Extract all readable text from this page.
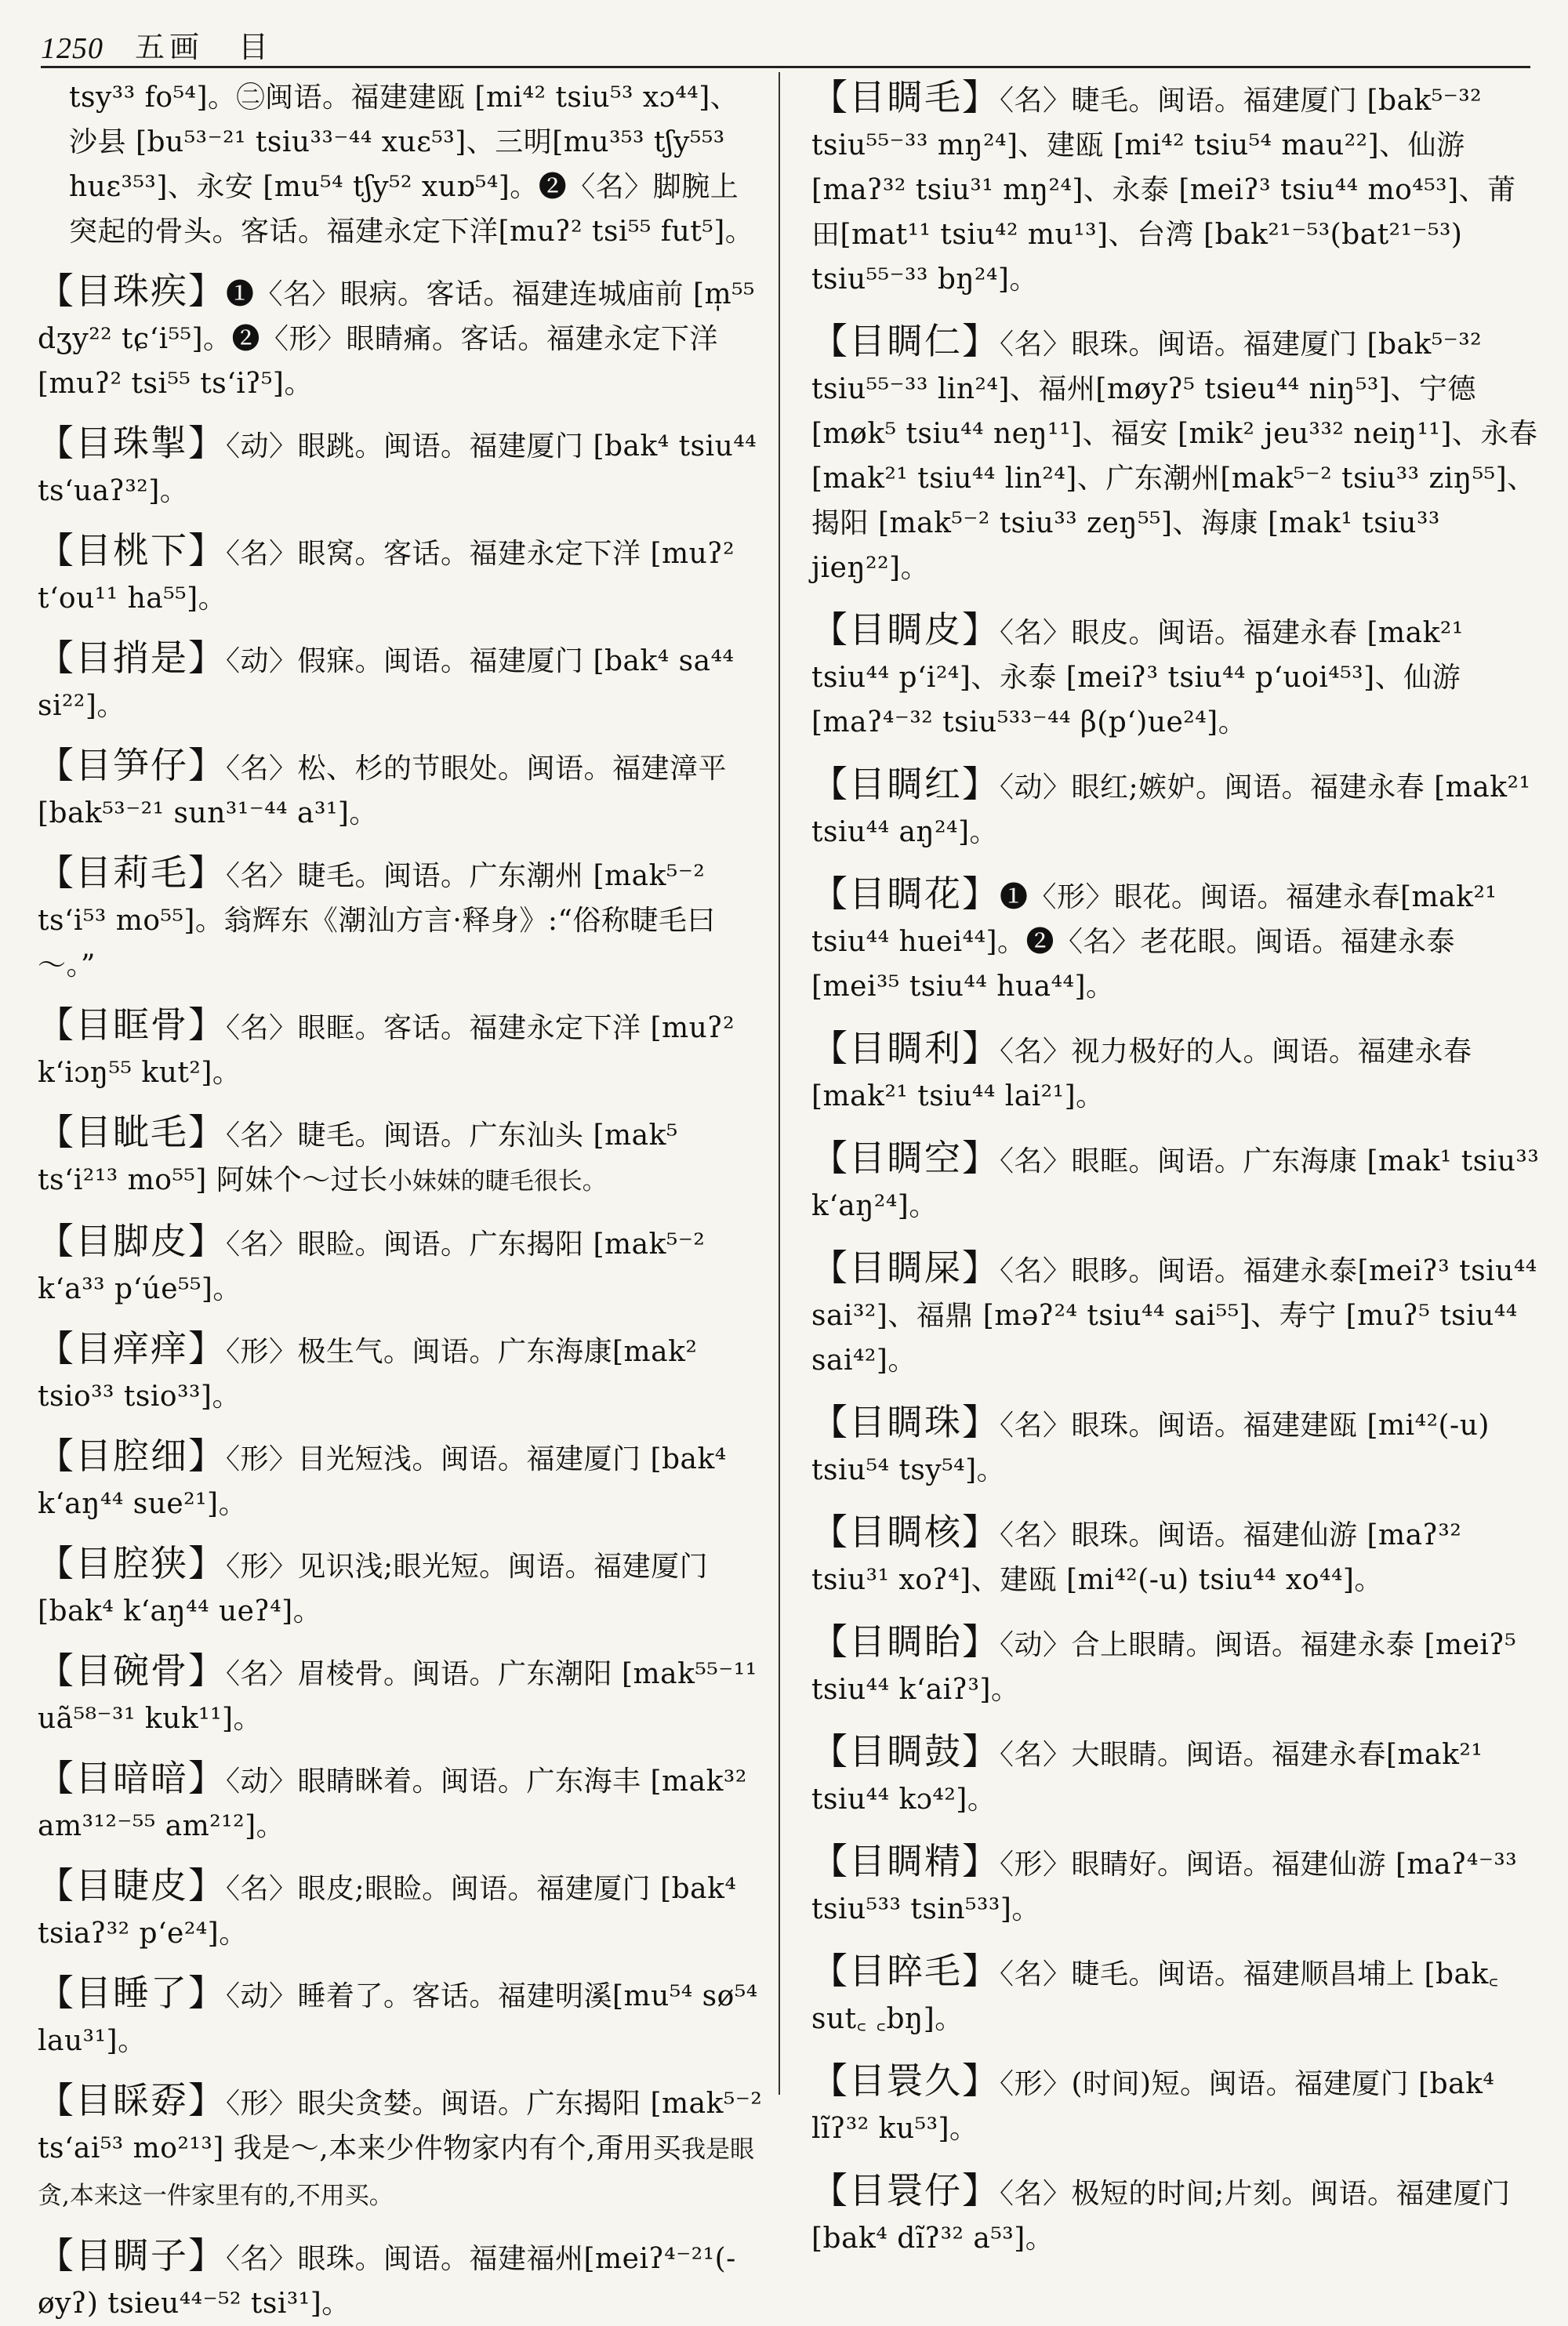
1250 五画　目
tsy³³ fo⁵⁴]。㊁闽语。福建建瓯 [mi⁴² tsiu⁵³ xɔ⁴⁴]、沙县 [bu⁵³⁻²¹ tsiu³³⁻⁴⁴ xuɛ⁵³]、三明[mu³⁵³ tʃy⁵⁵³ huɛ³⁵³]、永安 [mu⁵⁴ tʃy⁵² xuɒ⁵⁴]。❷〈名〉脚腕上突起的骨头。客话。福建永定下洋[muʔ² tsi⁵⁵ fut⁵]。
【目珠疾】❶〈名〉眼病。客话。福建连城庙前 [m̩⁵⁵ dʒy²² tɕʻi⁵⁵]。❷〈形〉眼睛痛。客话。福建永定下洋[muʔ² tsi⁵⁵ tsʻiʔ⁵]。
【目珠掣】〈动〉眼跳。闽语。福建厦门 [bak⁴ tsiu⁴⁴ tsʻuaʔ³²]。
【目桃下】〈名〉眼窝。客话。福建永定下洋 [muʔ² tʻou¹¹ ha⁵⁵]。
【目捎是】〈动〉假寐。闽语。福建厦门 [bak⁴ sa⁴⁴ si²²]。
【目笋仔】〈名〉松、杉的节眼处。闽语。福建漳平 [bak⁵³⁻²¹ sun³¹⁻⁴⁴ a³¹]。
【目莉毛】〈名〉睫毛。闽语。广东潮州 [mak⁵⁻² tsʻi⁵³ mo⁵⁵]。翁辉东《潮汕方言·释身》:“俗称睫毛曰～。”
【目眶骨】〈名〉眼眶。客话。福建永定下洋 [muʔ² kʻiɔŋ⁵⁵ kut²]。
【目眦毛】〈名〉睫毛。闽语。广东汕头 [mak⁵ tsʻi²¹³ mo⁵⁵] 阿妹个～过长小妹妹的睫毛很长。
【目脚皮】〈名〉眼睑。闽语。广东揭阳 [mak⁵⁻² kʻa³³ pʻúe⁵⁵]。
【目痒痒】〈形〉极生气。闽语。广东海康[mak² tsio³³ tsio³³]。
【目腔细】〈形〉目光短浅。闽语。福建厦门 [bak⁴ kʻaŋ⁴⁴ sue²¹]。
【目腔狭】〈形〉见识浅;眼光短。闽语。福建厦门[bak⁴ kʻaŋ⁴⁴ ueʔ⁴]。
【目碗骨】〈名〉眉棱骨。闽语。广东潮阳 [mak⁵⁵⁻¹¹ uã⁵⁸⁻³¹ kuk¹¹]。
【目暗暗】〈动〉眼睛眯着。闽语。广东海丰 [mak³² am³¹²⁻⁵⁵ am²¹²]。
【目睫皮】〈名〉眼皮;眼睑。闽语。福建厦门 [bak⁴ tsiaʔ³² pʻe²⁴]。
【目睡了】〈动〉睡着了。客话。福建明溪[mu⁵⁴ sø⁵⁴ lau³¹]。
【目睬孬】〈形〉眼尖贪婪。闽语。广东揭阳 [mak⁵⁻² tsʻai⁵³ mo²¹³] 我是～,本来少件物家内有个,甭用买我是眼贪,本来这一件家里有的,不用买。
【目睭子】〈名〉眼珠。闽语。福建福州[meiʔ⁴⁻²¹(-øyʔ) tsieu⁴⁴⁻⁵² tsi³¹]。
【目睭毛】〈名〉睫毛。闽语。福建厦门 [bak⁵⁻³² tsiu⁵⁵⁻³³ mŋ²⁴]、建瓯 [mi⁴² tsiu⁵⁴ mau²²]、仙游 [maʔ³² tsiu³¹ mŋ²⁴]、永泰 [meiʔ³ tsiu⁴⁴ mo⁴⁵³]、莆田[mat¹¹ tsiu⁴² mu¹³]、台湾 [bak²¹⁻⁵³(bat²¹⁻⁵³) tsiu⁵⁵⁻³³ bŋ²⁴]。
【目睭仁】〈名〉眼珠。闽语。福建厦门 [bak⁵⁻³² tsiu⁵⁵⁻³³ lin²⁴]、福州[møyʔ⁵ tsieu⁴⁴ niŋ⁵³]、宁德 [møk⁵ tsiu⁴⁴ neŋ¹¹]、福安 [mik² jeu³³² neiŋ¹¹]、永春[mak²¹ tsiu⁴⁴ lin²⁴]、广东潮州[mak⁵⁻² tsiu³³ ziŋ⁵⁵]、揭阳 [mak⁵⁻² tsiu³³ zeŋ⁵⁵]、海康 [mak¹ tsiu³³ jieŋ²²]。
【目睭皮】〈名〉眼皮。闽语。福建永春 [mak²¹ tsiu⁴⁴ pʻi²⁴]、永泰 [meiʔ³ tsiu⁴⁴ pʻuoi⁴⁵³]、仙游 [maʔ⁴⁻³² tsiu⁵³³⁻⁴⁴ β(pʻ)ue²⁴]。
【目睭红】〈动〉眼红;嫉妒。闽语。福建永春 [mak²¹ tsiu⁴⁴ aŋ²⁴]。
【目睭花】❶〈形〉眼花。闽语。福建永春[mak²¹ tsiu⁴⁴ huei⁴⁴]。❷〈名〉老花眼。闽语。福建永泰[mei³⁵ tsiu⁴⁴ hua⁴⁴]。
【目睭利】〈名〉视力极好的人。闽语。福建永春[mak²¹ tsiu⁴⁴ lai²¹]。
【目睭空】〈名〉眼眶。闽语。广东海康 [mak¹ tsiu³³ kʻaŋ²⁴]。
【目睭屎】〈名〉眼眵。闽语。福建永泰[meiʔ³ tsiu⁴⁴ sai³²]、福鼎 [məʔ²⁴ tsiu⁴⁴ sai⁵⁵]、寿宁 [muʔ⁵ tsiu⁴⁴ sai⁴²]。
【目睭珠】〈名〉眼珠。闽语。福建建瓯 [mi⁴²(-u) tsiu⁵⁴ tsy⁵⁴]。
【目睭核】〈名〉眼珠。闽语。福建仙游 [maʔ³² tsiu³¹ xoʔ⁴]、建瓯 [mi⁴²(-u) tsiu⁴⁴ xo⁴⁴]。
【目睭眙】〈动〉合上眼睛。闽语。福建永泰 [meiʔ⁵ tsiu⁴⁴ kʻaiʔ³]。
【目睭鼓】〈名〉大眼睛。闽语。福建永春[mak²¹ tsiu⁴⁴ kɔ⁴²]。
【目睭精】〈形〉眼睛好。闽语。福建仙游 [maʔ⁴⁻³³ tsiu⁵³³ tsin⁵³³]。
【目睟毛】〈名〉睫毛。闽语。福建顺昌埔上 [bak꜀ sut꜀ ꜀bŋ]。
【目睘久】〈形〉(时间)短。闽语。福建厦门 [bak⁴ lĩʔ³² ku⁵³]。
【目睘仔】〈名〉极短的时间;片刻。闽语。福建厦门 [bak⁴ dĩʔ³² a⁵³]。
